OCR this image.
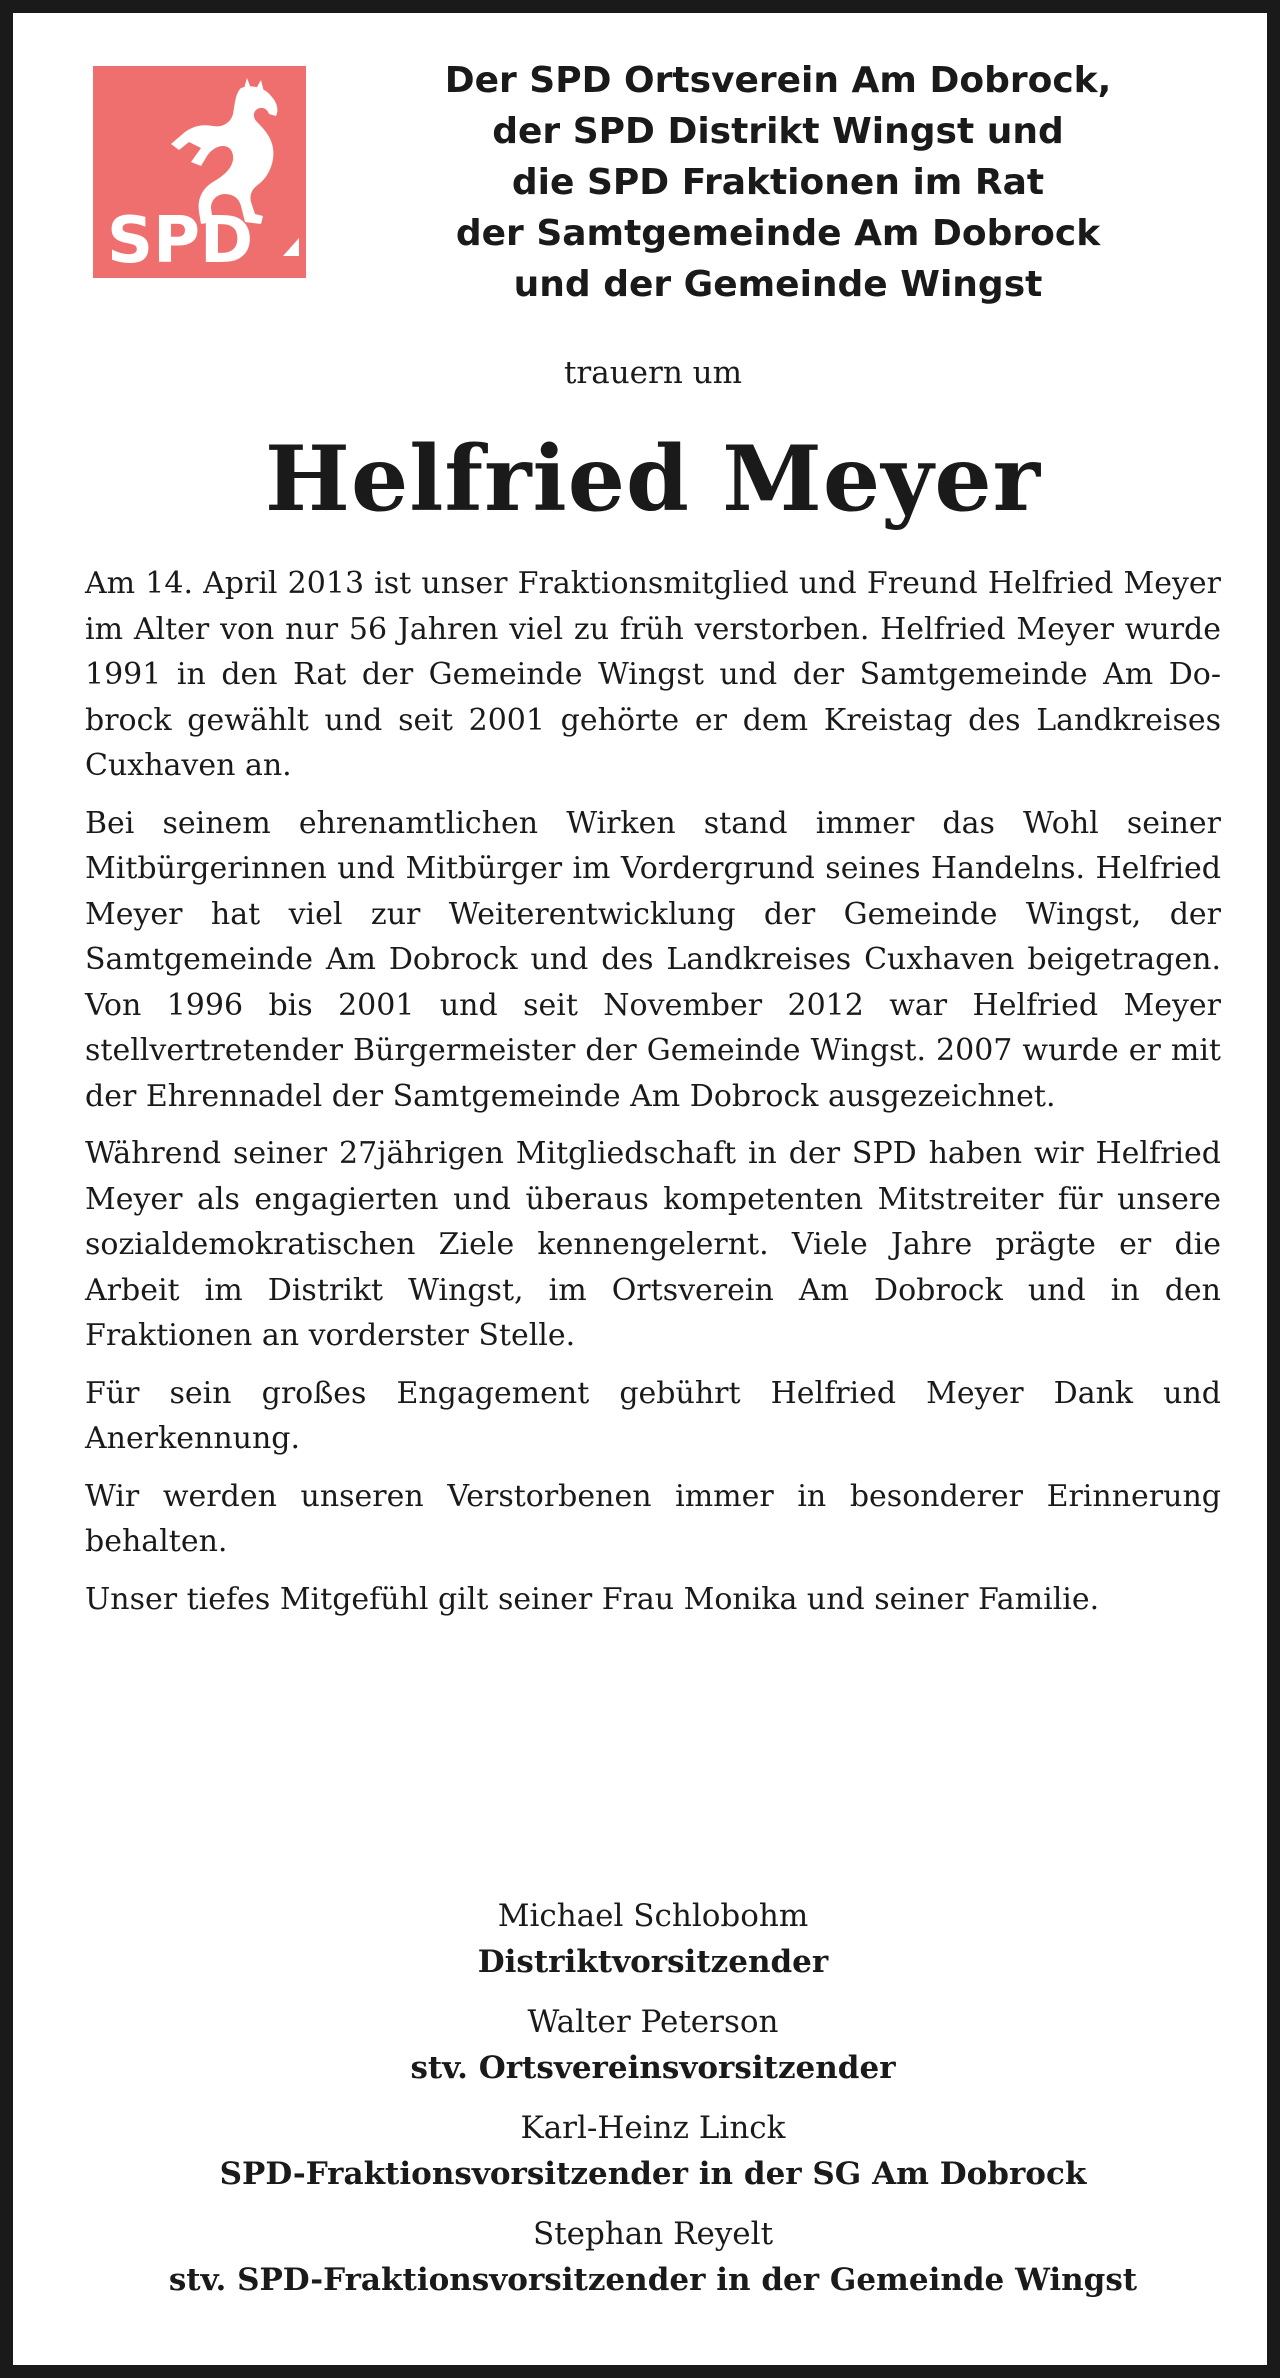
SPD
Der SPD Ortsverein Am Dobrock,
der SPD Distrikt Wingst und
die SPD Fraktionen im Rat
der Samtgemeinde Am Dobrock
und der Gemeinde Wingst
trauern um
Helfried Meyer

Am 14. April 2013 ist unser Fraktionsmitglied und Freund Helfried Meyer im Alter von nur 56 Jahren viel zu früh verstorben. Helfried Meyer wurde 1991 in den Rat der Gemeinde Wingst und der Samtgemeinde Am Dobrock gewählt und seit 2001 gehörte er dem Kreistag des Landkreises Cuxhaven an.

Bei seinem ehrenamtlichen Wirken stand immer das Wohl seiner Mitbürgerinnen und Mitbürger im Vordergrund seines Handelns. Helfried Meyer hat viel zur Weiterentwicklung der Gemeinde Wingst, der Samtgemeinde Am Dobrock und des Landkreises Cuxhaven beigetragen. Von 1996 bis 2001 und seit November 2012 war Helfried Meyer stellvertretender Bürgermeister der Gemeinde Wingst. 2007 wurde er mit der Ehrennadel der Samtgemeinde Am Dobrock ausgezeichnet.

Während seiner 27jährigen Mitgliedschaft in der SPD haben wir Helfried Meyer als engagierten und überaus kompetenten Mitstreiter für unsere sozialdemokratischen Ziele kennengelernt. Viele Jahre prägte er die Arbeit im Distrikt Wingst, im Ortsverein Am Dobrock und in den Fraktionen an vorderster Stelle.

Für sein großes Engagement gebührt Helfried Meyer Dank und Anerkennung.

Wir werden unseren Verstorbenen immer in besonderer Erinnerung behalten.

Unser tiefes Mitgefühl gilt seiner Frau Monika und seiner Familie.

Michael Schlobohm
Distriktvorsitzender
Walter Peterson
stv. Ortsvereinsvorsitzender
Karl-Heinz Linck
SPD-Fraktionsvorsitzender in der SG Am Dobrock
Stephan Reyelt
stv. SPD-Fraktionsvorsitzender in der Gemeinde Wingst
